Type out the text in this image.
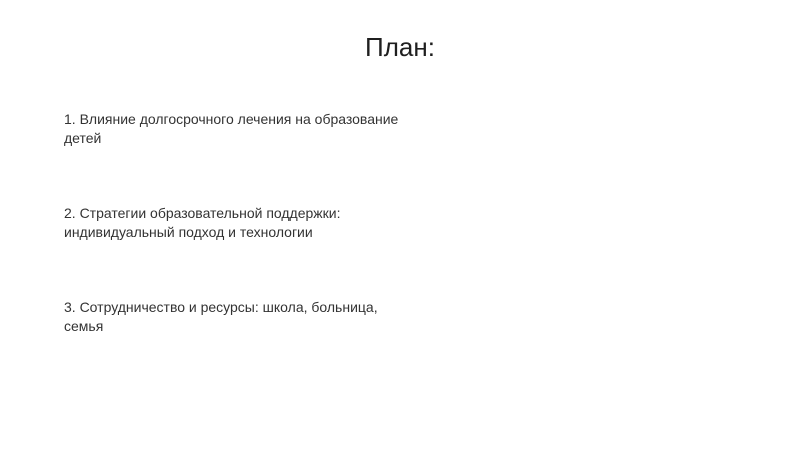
План:
1. Влияние долгосрочного лечения на образование детей
2. Стратегии образовательной поддержки: индивидуальный подход и технологии
3. Сотрудничество и ресурсы: школа, больница, семья
